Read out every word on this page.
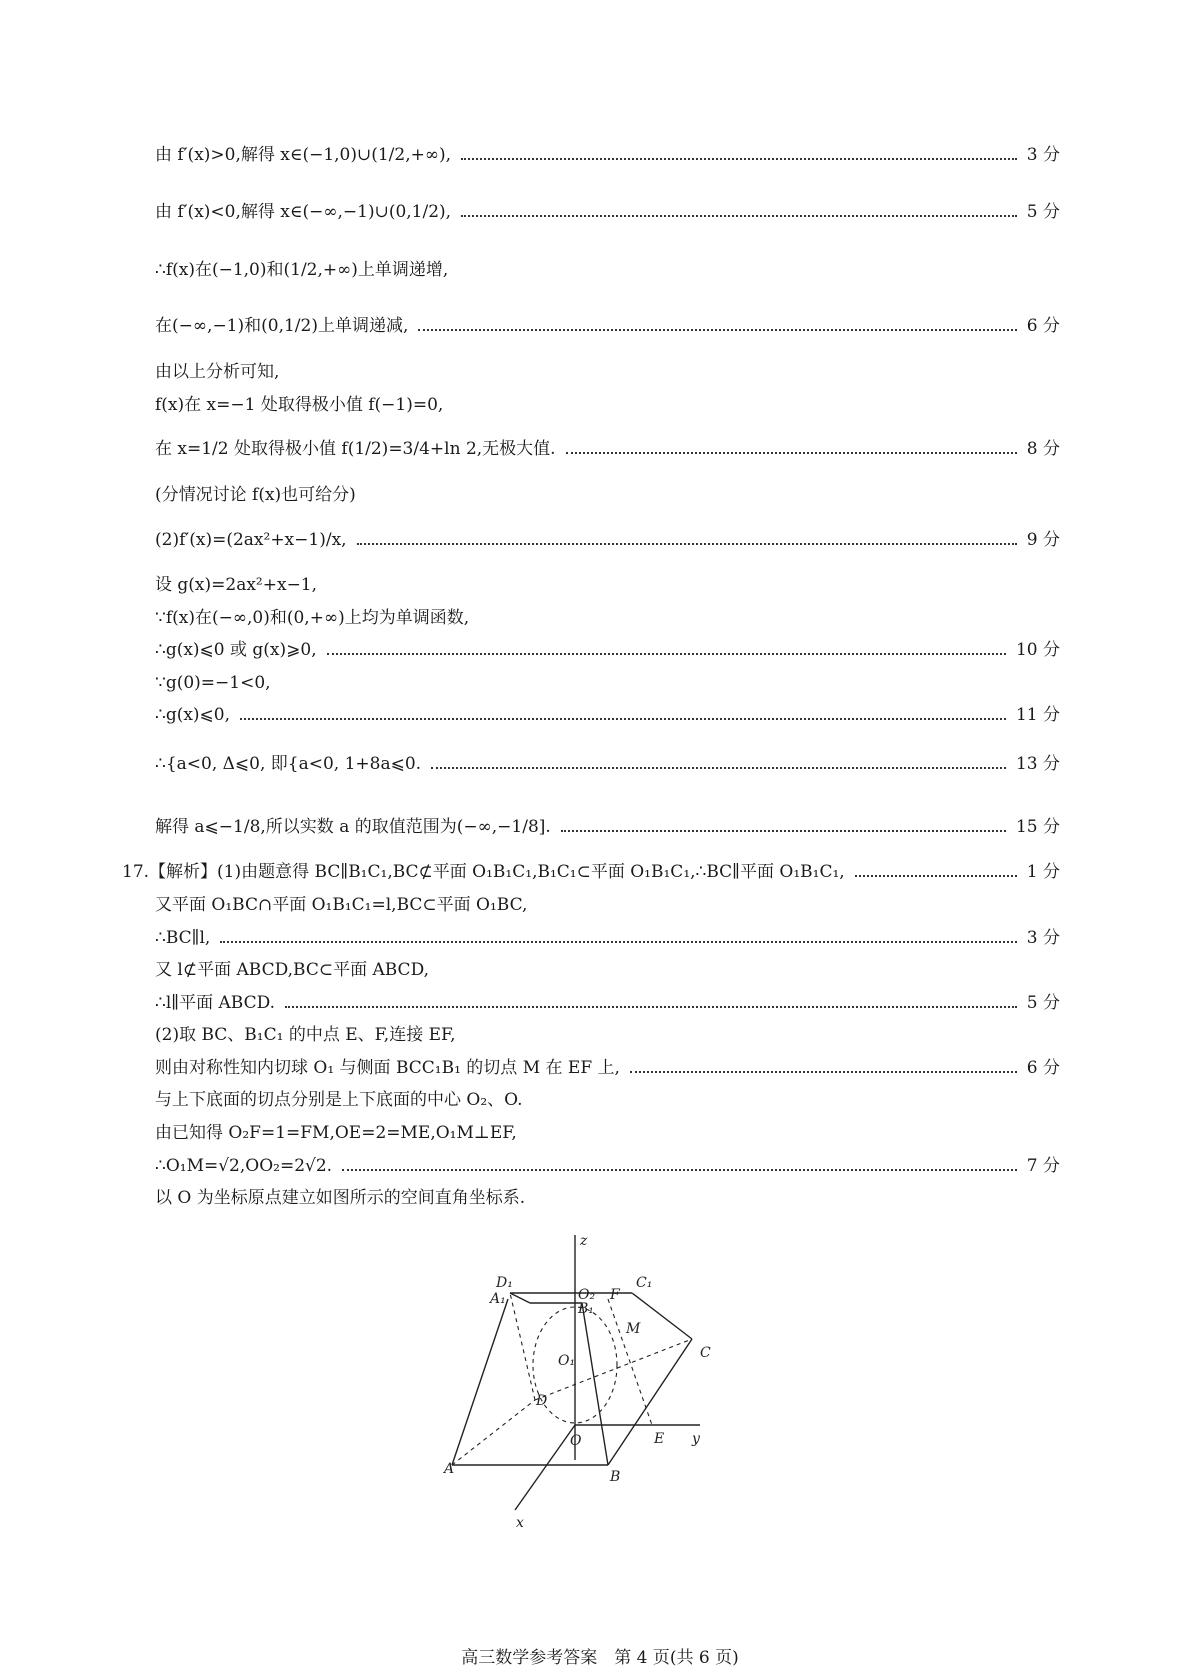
由 f′(x)>0,解得 x∈(−1,0)∪(1/2,+∞),	3 分
由 f′(x)<0,解得 x∈(−∞,−1)∪(0,1/2),	5 分
∴f(x)在(−1,0)和(1/2,+∞)上单调递增,
在(−∞,−1)和(0,1/2)上单调递减,	6 分
由以上分析可知,
f(x)在 x=−1 处取得极小值 f(−1)=0,
在 x=1/2 处取得极小值 f(1/2)=3/4+ln 2,无极大值.	8 分
(分情况讨论 f(x)也可给分)
(2)f′(x)=(2ax²+x−1)/x,	9 分
设 g(x)=2ax²+x−1,
∵f(x)在(−∞,0)和(0,+∞)上均为单调函数,
∴g(x)⩽0 或 g(x)⩾0,	10 分
∵g(0)=−1<0,
∴g(x)⩽0,	11 分
∴{a<0, Δ⩽0, 即{a<0, 1+8a⩽0.	13 分
解得 a⩽−1/8,所以实数 a 的取值范围为(−∞,−1/8].	15 分
17.【解析】(1)由题意得 BC∥B₁C₁,BC⊄平面 O₁B₁C₁,B₁C₁⊂平面 O₁B₁C₁,∴BC∥平面 O₁B₁C₁,	1 分
又平面 O₁BC∩平面 O₁B₁C₁=l,BC⊂平面 O₁BC,
∴BC∥l,	3 分
又 l⊄平面 ABCD,BC⊂平面 ABCD,
∴l∥平面 ABCD.	5 分
(2)取 BC、B₁C₁ 的中点 E、F,连接 EF,
则由对称性知内切球 O₁ 与侧面 BCC₁B₁ 的切点 M 在 EF 上,	6 分
与上下底面的切点分别是上下底面的中心 O₂、O.
由已知得 O₂F=1=FM,OE=2=ME,O₁M⊥EF,
∴O₁M=√2,OO₂=2√2.	7 分
以 O 为坐标原点建立如图所示的空间直角坐标系.
z
D₁	C₁
O₂ F
B₁
A₁
M
O₁
D
C
O	E y
A	B
x
高三数学参考答案　第 4 页(共 6 页)
